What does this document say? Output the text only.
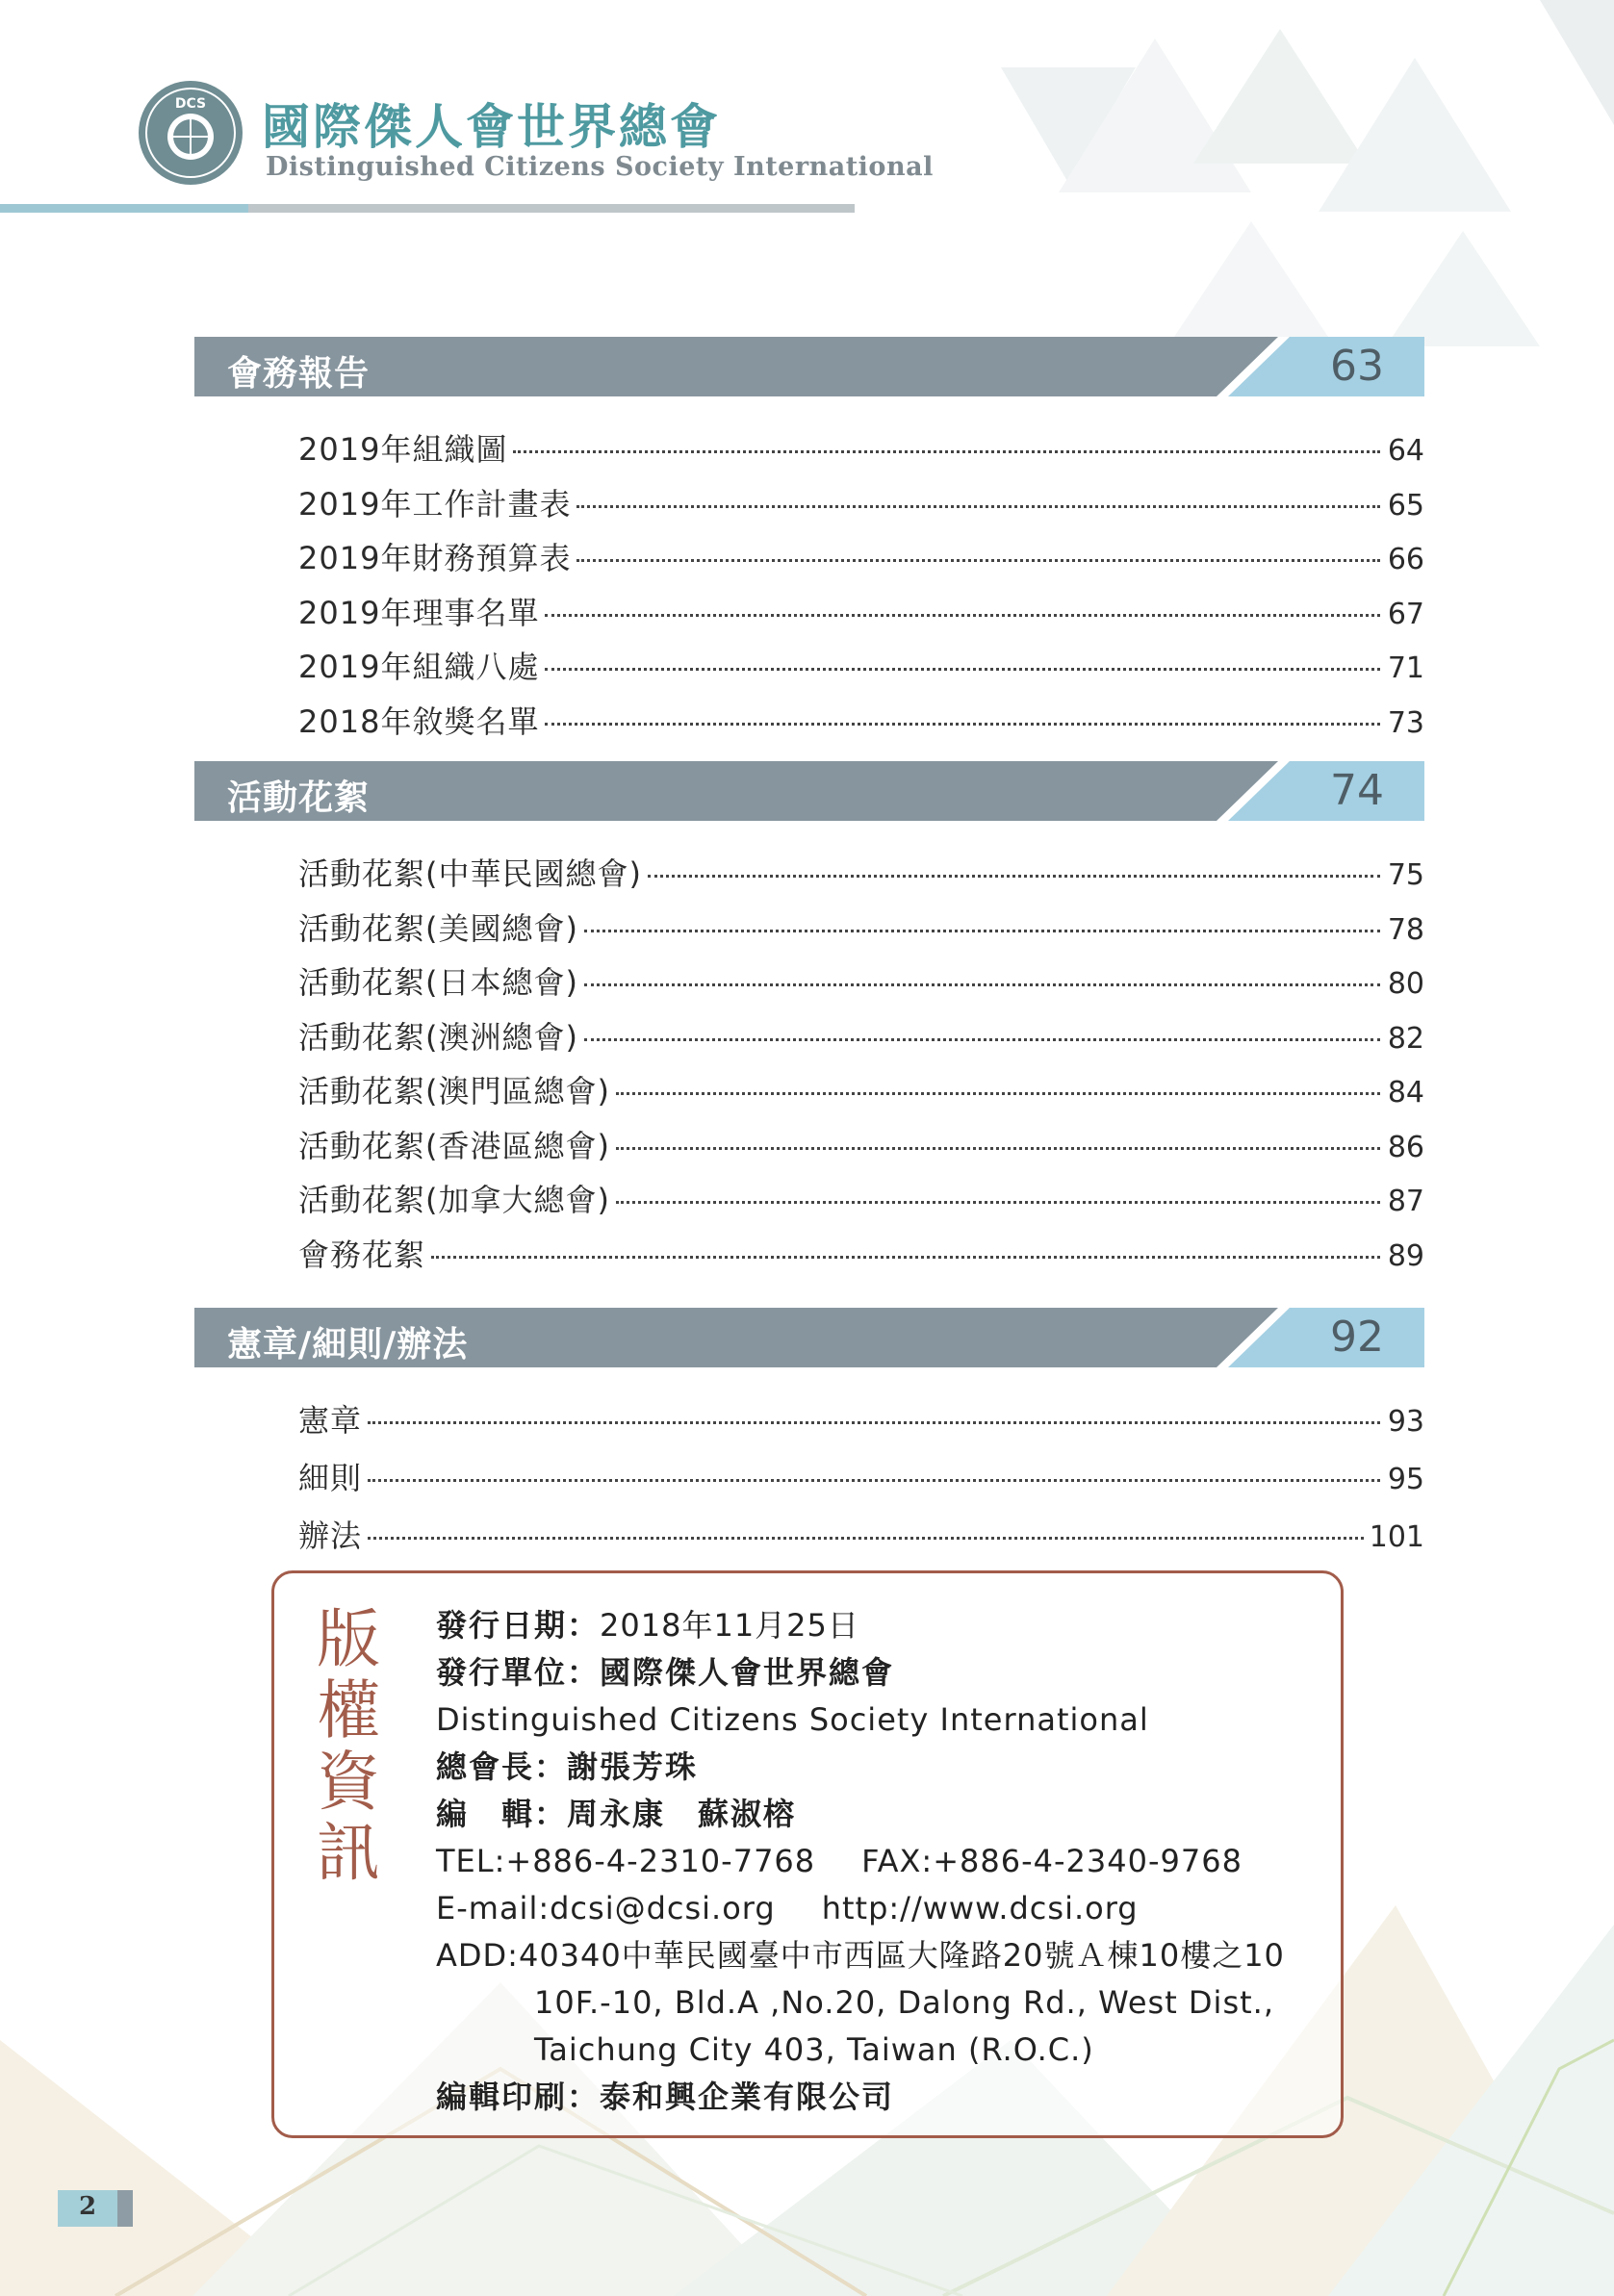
DCS 國際傑人會世界總會
Distinguished Citizens Society International
會務報告	63
2019年組織圖	64
2019年工作計畫表	65
2019年財務預算表	66
2019年理事名單	67
2019年組織八處	71
2018年敘獎名單	73
活動花絮	74
活動花絮(中華民國總會)	75
活動花絮(美國總會)	78
活動花絮(日本總會)	80
活動花絮(澳洲總會)	82
活動花絮(澳門區總會)	84
活動花絮(香港區總會)	86
活動花絮(加拿大總會)	87
會務花絮	89
憲章/細則/辦法	92
憲章	93
細則	95
辦法	101
版
權
資
訊
發行日期：2018年11月25日
發行單位：國際傑人會世界總會
Distinguished Citizens Society International
總會長：謝張芳珠
編　輯：周永康　蘇淑榕
TEL:+886-4-2310-7768 FAX:+886-4-2340-9768
E-mail:dcsi@dcsi.org http://www.dcsi.org
ADD:40340中華民國臺中市西區大隆路20號Ａ棟10樓之10
10F.-10, Bld.A ,No.20, Dalong Rd., West Dist.,
Taichung City 403, Taiwan (R.O.C.)
編輯印刷：泰和興企業有限公司
2
